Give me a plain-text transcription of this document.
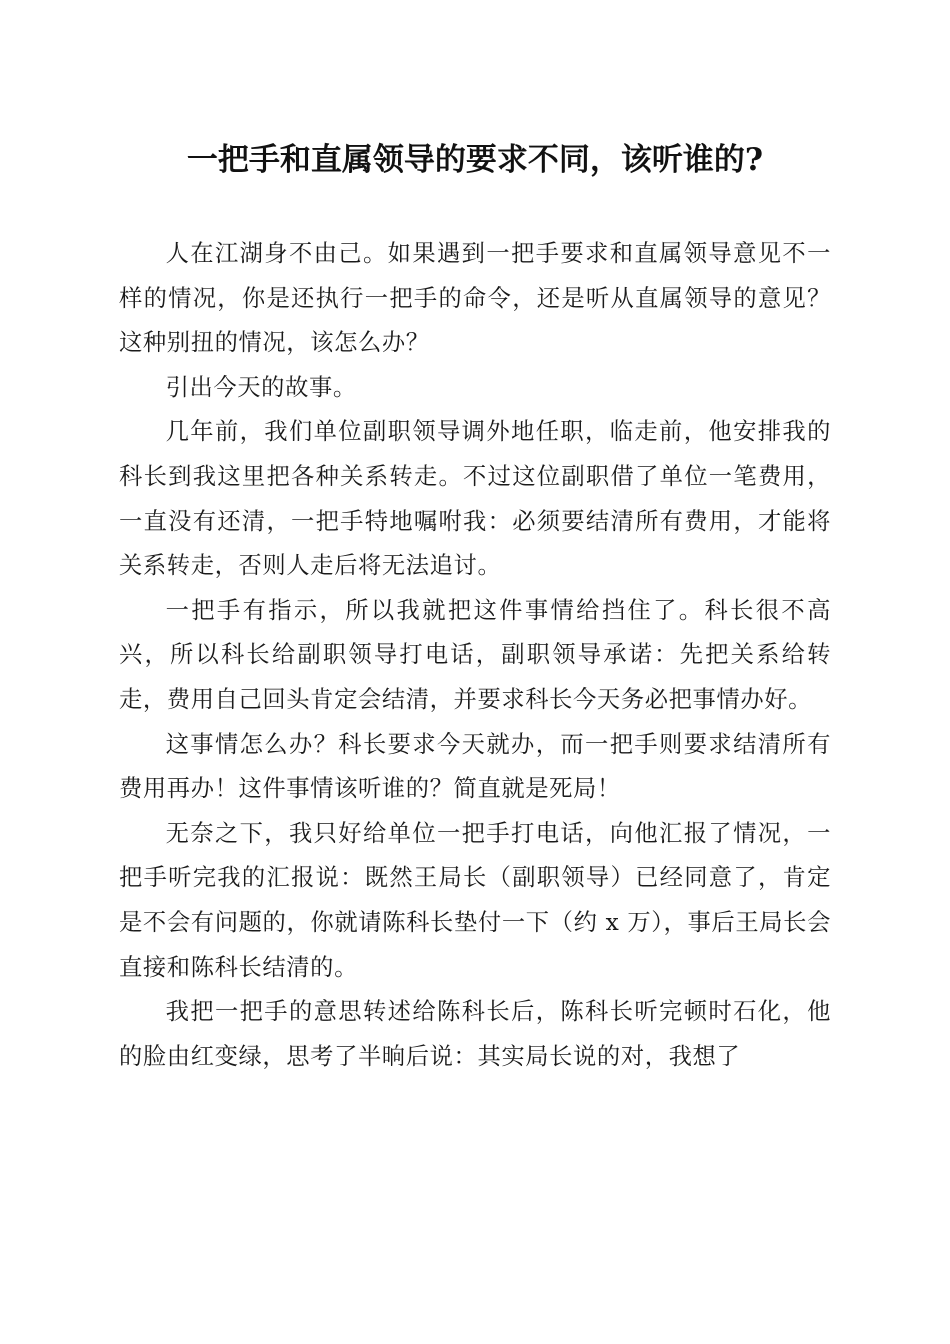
一把手和直属领导的要求不同，该听谁的?

人在江湖身不由己。如果遇到一把手要求和直属领导意见不一样的情况，你是还执行一把手的命令，还是听从直属领导的意见？这种别扭的情况，该怎么办？

引出今天的故事。

几年前，我们单位副职领导调外地任职，临走前，他安排我的科长到我这里把各种关系转走。不过这位副职借了单位一笔费用，一直没有还清，一把手特地嘱咐我：必须要结清所有费用，才能将关系转走，否则人走后将无法追讨。

一把手有指示，所以我就把这件事情给挡住了。科长很不高兴，所以科长给副职领导打电话，副职领导承诺：先把关系给转走，费用自己回头肯定会结清，并要求科长今天务必把事情办好。

这事情怎么办？科长要求今天就办，而一把手则要求结清所有费用再办！这件事情该听谁的？简直就是死局！

无奈之下，我只好给单位一把手打电话，向他汇报了情况，一把手听完我的汇报说：既然王局长（副职领导）已经同意了，肯定是不会有问题的，你就请陈科长垫付一下（约 x 万），事后王局长会直接和陈科长结清的。

我把一把手的意思转述给陈科长后，陈科长听完顿时石化，他的脸由红变绿，思考了半晌后说：其实局长说的对，我想了
